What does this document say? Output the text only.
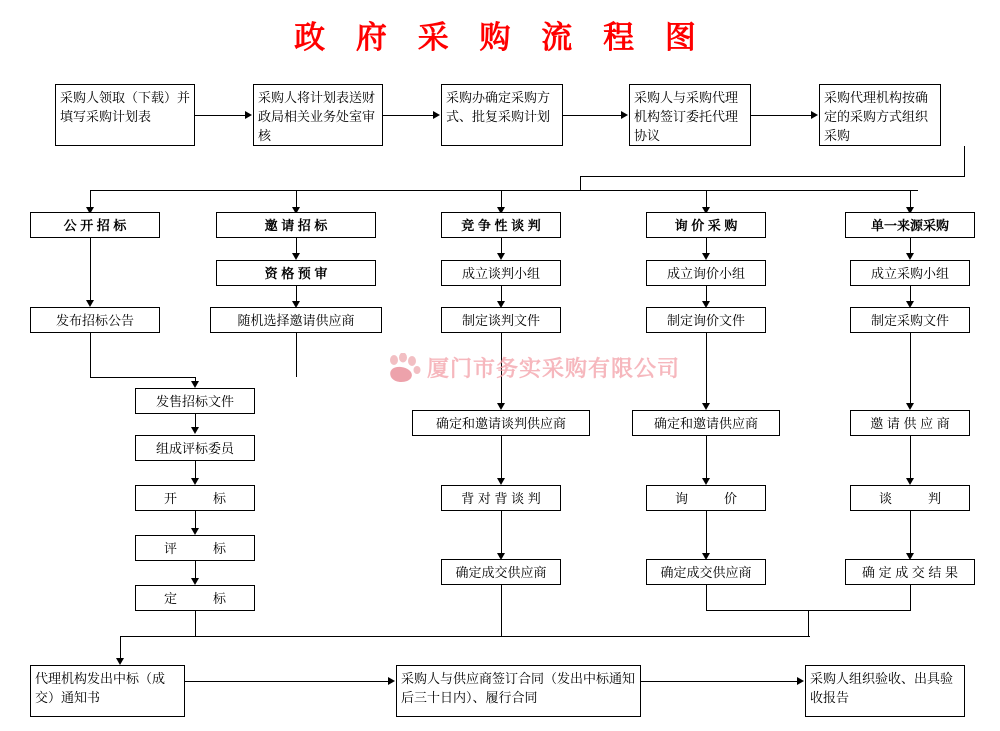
政 府 采 购 流 程 图
采购人领取（下载）并填写采购计划表
采购人将计划表送财政局相关业务处室审核
采购办确定采购方式、批复采购计划
采购人与采购代理机构签订委托代理协议
采购代理机构按确定的采购方式组织采购
公 开 招 标
发布招标公告
发售招标文件
组成评标委员
开          标
评          标
定          标
邀 请 招 标
资 格 预 审
随机选择邀请供应商
竞 争 性 谈 判
成立谈判小组
制定谈判文件
确定和邀请谈判供应商
背 对 背 谈 判
确定成交供应商
询 价 采 购
成立询价小组
制定询价文件
确定和邀请供应商
询          价
确定成交供应商
单一来源采购
成立采购小组
制定采购文件
邀 请 供 应 商
谈          判
确 定 成 交 结 果
代理机构发出中标（成交）通知书
采购人与供应商签订合同（发出中标通知后三十日内）、履行合同
采购人组织验收、出具验收报告
厦门市务实采购有限公司
